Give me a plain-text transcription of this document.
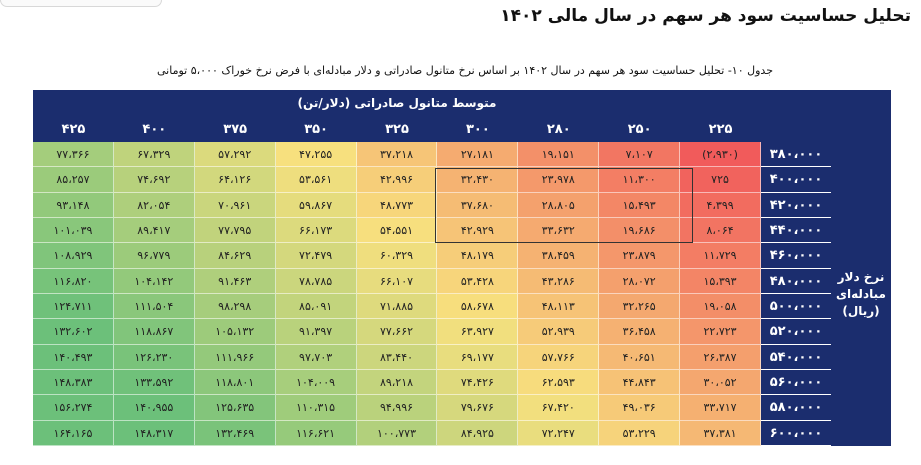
تحلیل حساسیت سود هر سهم در سال مالی ۱۴۰۲
جدول ۱۰- تحلیل حساسیت سود هر سهم در سال ۱۴۰۲ بر اساس نرخ متانول صادراتی و دلار مبادله‌ای با فرض نرخ خوراک ۵،۰۰۰ تومانی
متوسط متانول صادراتی (دلار/تن)
۲۲۵
۲۵۰
۲۸۰
۳۰۰
۳۲۵
۳۵۰
۳۷۵
۴۰۰
۴۲۵
نرخ دلار مبادله‌ای (ریال)
(۲،۹۳۰)
۷،۱۰۷
۱۹،۱۵۱
۲۷،۱۸۱
۳۷،۲۱۸
۴۷،۲۵۵
۵۷،۲۹۲
۶۷،۳۲۹
۷۷،۳۶۶
۷۲۵
۱۱،۳۰۰
۲۳،۹۷۸
۳۲،۴۳۰
۴۲،۹۹۶
۵۳،۵۶۱
۶۴،۱۲۶
۷۴،۶۹۲
۸۵،۲۵۷
۴،۳۹۹
۱۵،۴۹۳
۲۸،۸۰۵
۳۷،۶۸۰
۴۸،۷۷۳
۵۹،۸۶۷
۷۰،۹۶۱
۸۲،۰۵۴
۹۳،۱۴۸
۸،۰۶۴
۱۹،۶۸۶
۳۳،۶۳۲
۴۲،۹۲۹
۵۴،۵۵۱
۶۶،۱۷۳
۷۷،۷۹۵
۸۹،۴۱۷
۱۰۱،۰۳۹
۱۱،۷۲۹
۲۳،۸۷۹
۳۸،۴۵۹
۴۸،۱۷۹
۶۰،۳۲۹
۷۲،۴۷۹
۸۴،۶۲۹
۹۶،۷۷۹
۱۰۸،۹۲۹
۱۵،۳۹۳
۲۸،۰۷۲
۴۳،۲۸۶
۵۳،۴۲۸
۶۶،۱۰۷
۷۸،۷۸۵
۹۱،۴۶۳
۱۰۴،۱۴۲
۱۱۶،۸۲۰
۱۹،۰۵۸
۳۲،۲۶۵
۴۸،۱۱۳
۵۸،۶۷۸
۷۱،۸۸۵
۸۵،۰۹۱
۹۸،۲۹۸
۱۱۱،۵۰۴
۱۲۴،۷۱۱
۲۲،۷۲۳
۳۶،۴۵۸
۵۲،۹۳۹
۶۳،۹۲۷
۷۷،۶۶۲
۹۱،۳۹۷
۱۰۵،۱۳۲
۱۱۸،۸۶۷
۱۳۲،۶۰۲
۲۶،۳۸۷
۴۰،۶۵۱
۵۷،۷۶۶
۶۹،۱۷۷
۸۳،۴۴۰
۹۷،۷۰۳
۱۱۱،۹۶۶
۱۲۶،۲۳۰
۱۴۰،۴۹۳
۳۰،۰۵۲
۴۴،۸۴۳
۶۲،۵۹۳
۷۴،۴۲۶
۸۹،۲۱۸
۱۰۴،۰۰۹
۱۱۸،۸۰۱
۱۳۳،۵۹۲
۱۴۸،۳۸۳
۳۳،۷۱۷
۴۹،۰۳۶
۶۷،۴۲۰
۷۹،۶۷۶
۹۴،۹۹۶
۱۱۰،۳۱۵
۱۲۵،۶۳۵
۱۴۰،۹۵۵
۱۵۶،۲۷۴
۳۷،۳۸۱
۵۳،۲۲۹
۷۲،۲۴۷
۸۴،۹۲۵
۱۰۰،۷۷۳
۱۱۶،۶۲۱
۱۳۲،۴۶۹
۱۴۸،۳۱۷
۱۶۴،۱۶۵
۳۸۰،۰۰۰
۴۰۰،۰۰۰
۴۲۰،۰۰۰
۴۴۰،۰۰۰
۴۶۰،۰۰۰
۴۸۰،۰۰۰
۵۰۰،۰۰۰
۵۲۰،۰۰۰
۵۴۰،۰۰۰
۵۶۰،۰۰۰
۵۸۰،۰۰۰
۶۰۰،۰۰۰
